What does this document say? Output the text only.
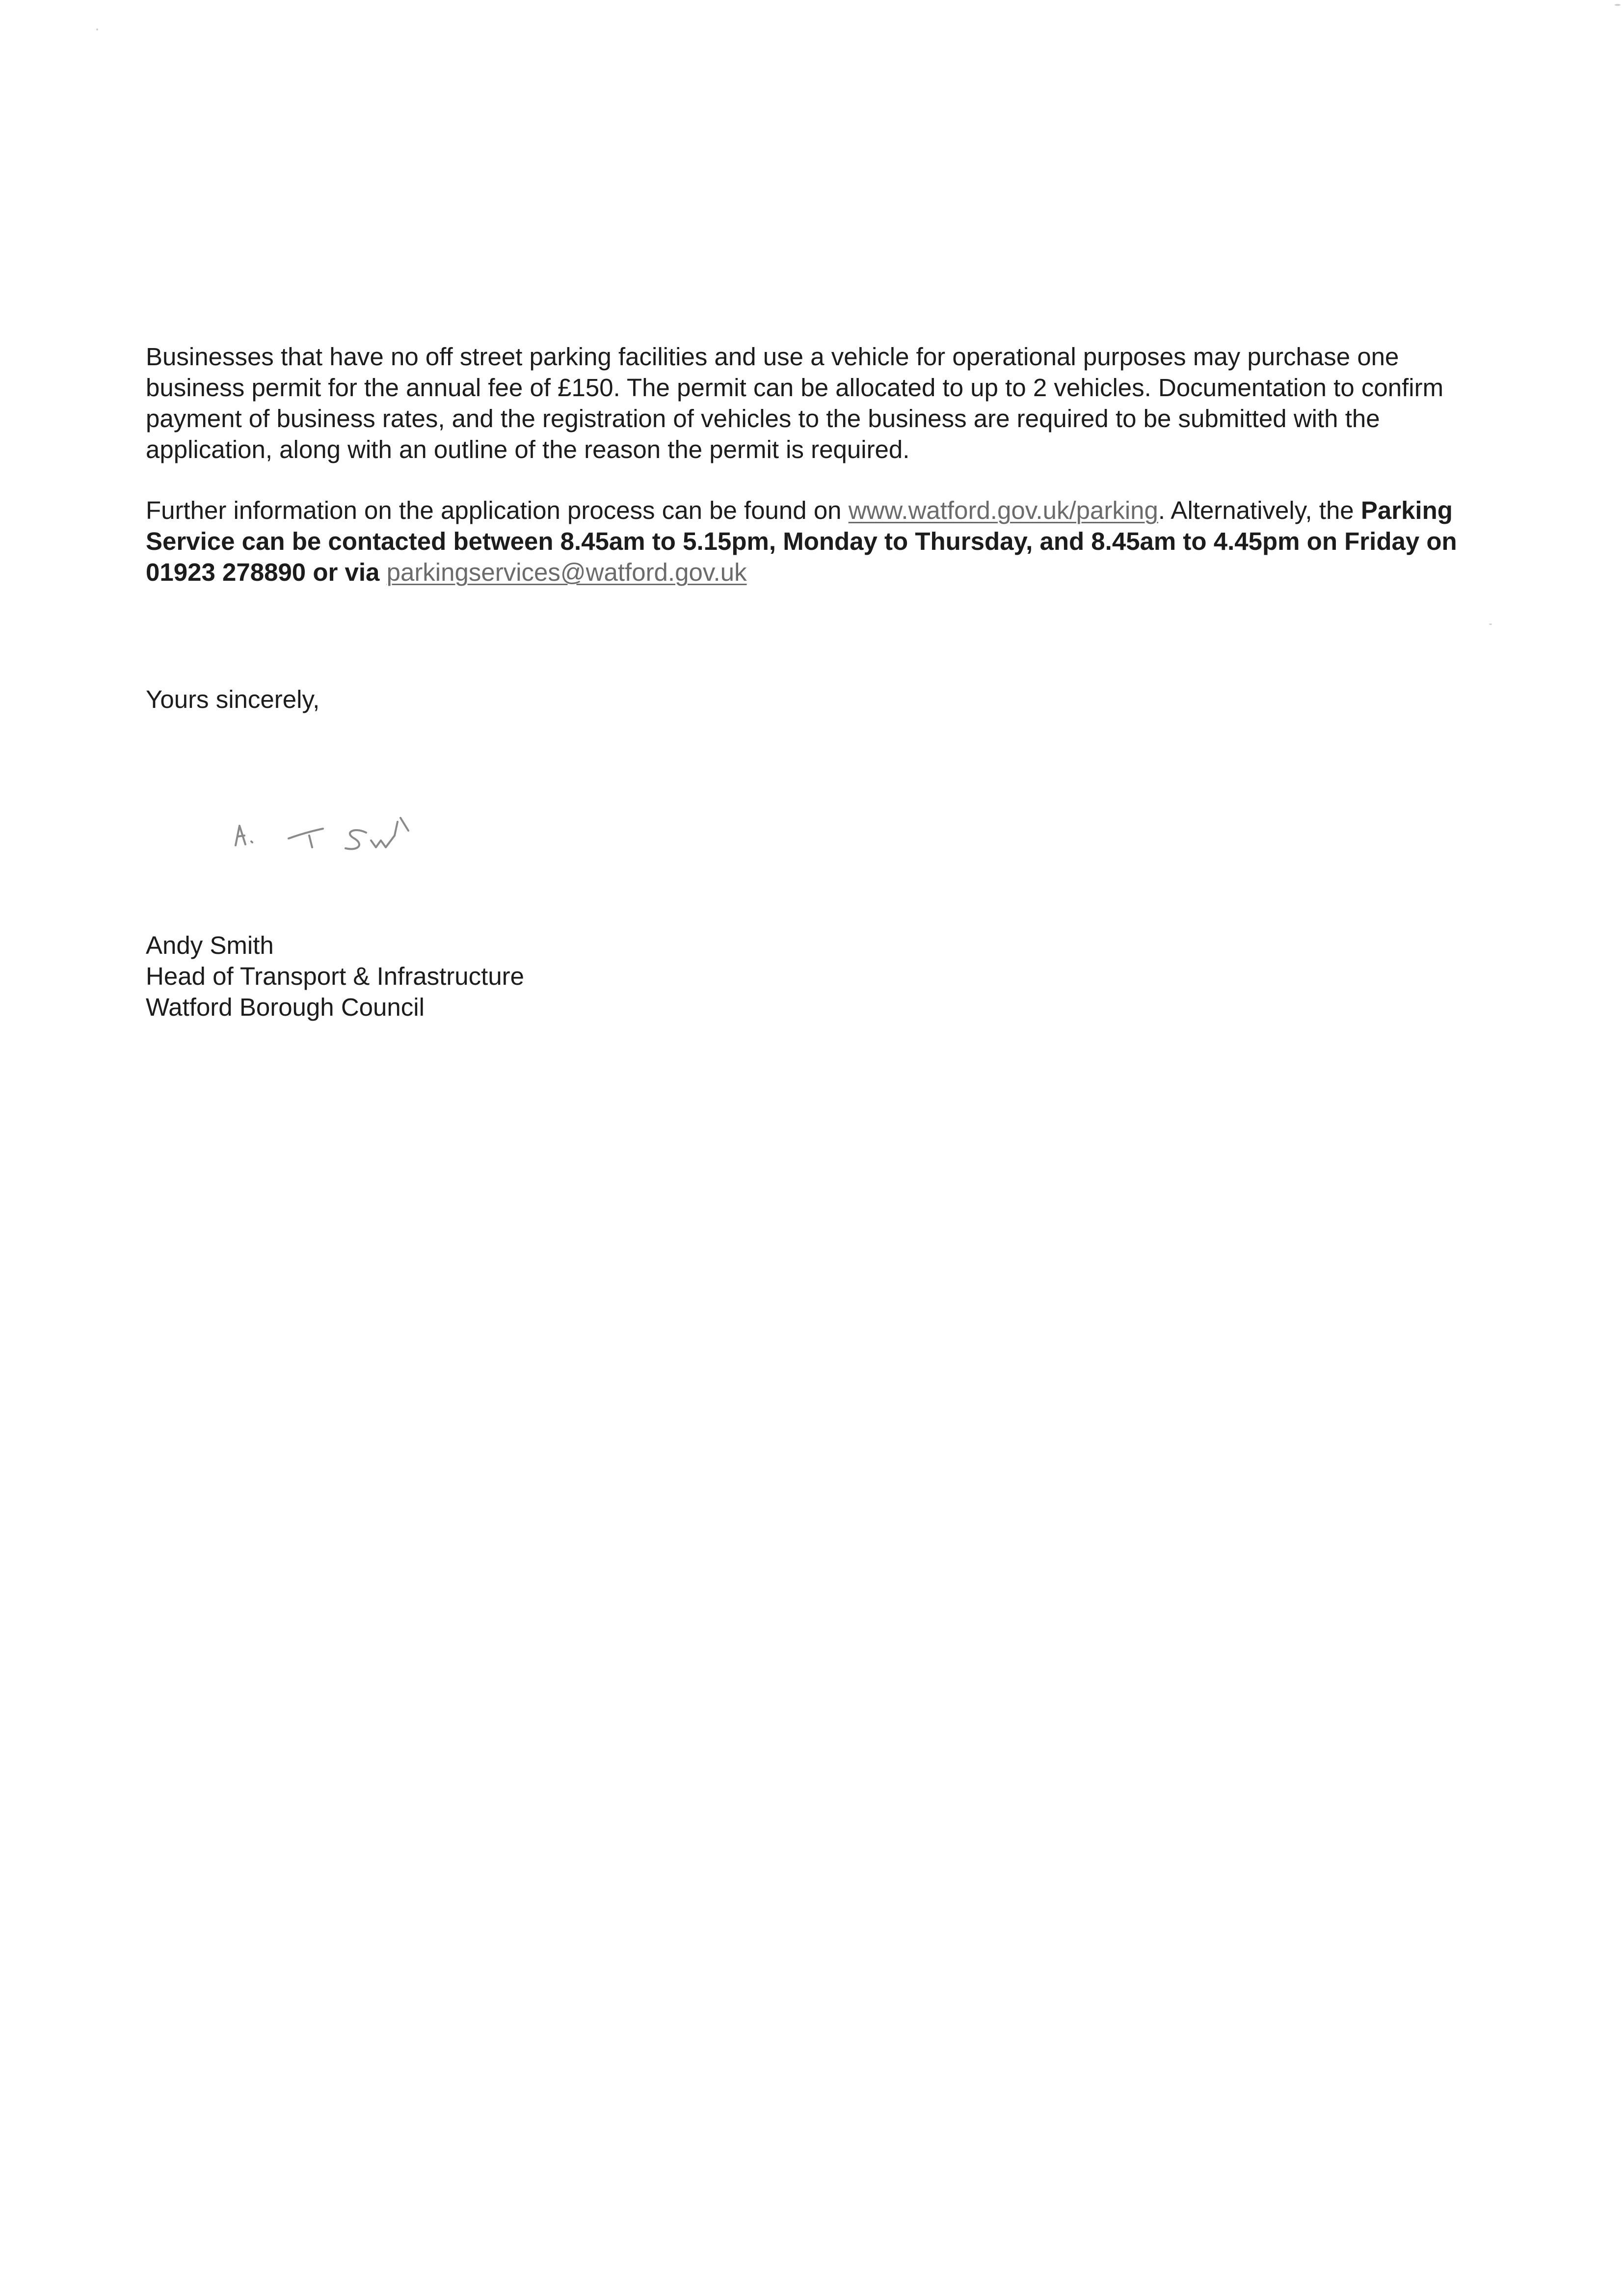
Businesses that have no off street parking facilities and use a vehicle for operational purposes may purchase one business permit for the annual fee of £150. The permit can be allocated to up to 2 vehicles. Documentation to confirm payment of business rates, and the registration of vehicles to the business are required to be submitted with the application, along with an outline of the reason the permit is required.

Further information on the application process can be found on www.watford.gov.uk/parking. Alternatively, the Parking Service can be contacted between 8.45am to 5.15pm, Monday to Thursday, and 8.45am to 4.45pm on Friday on 01923 278890 or via parkingservices@watford.gov.uk

Yours sincerely,
Andy Smith
Head of Transport & Infrastructure
Watford Borough Council
